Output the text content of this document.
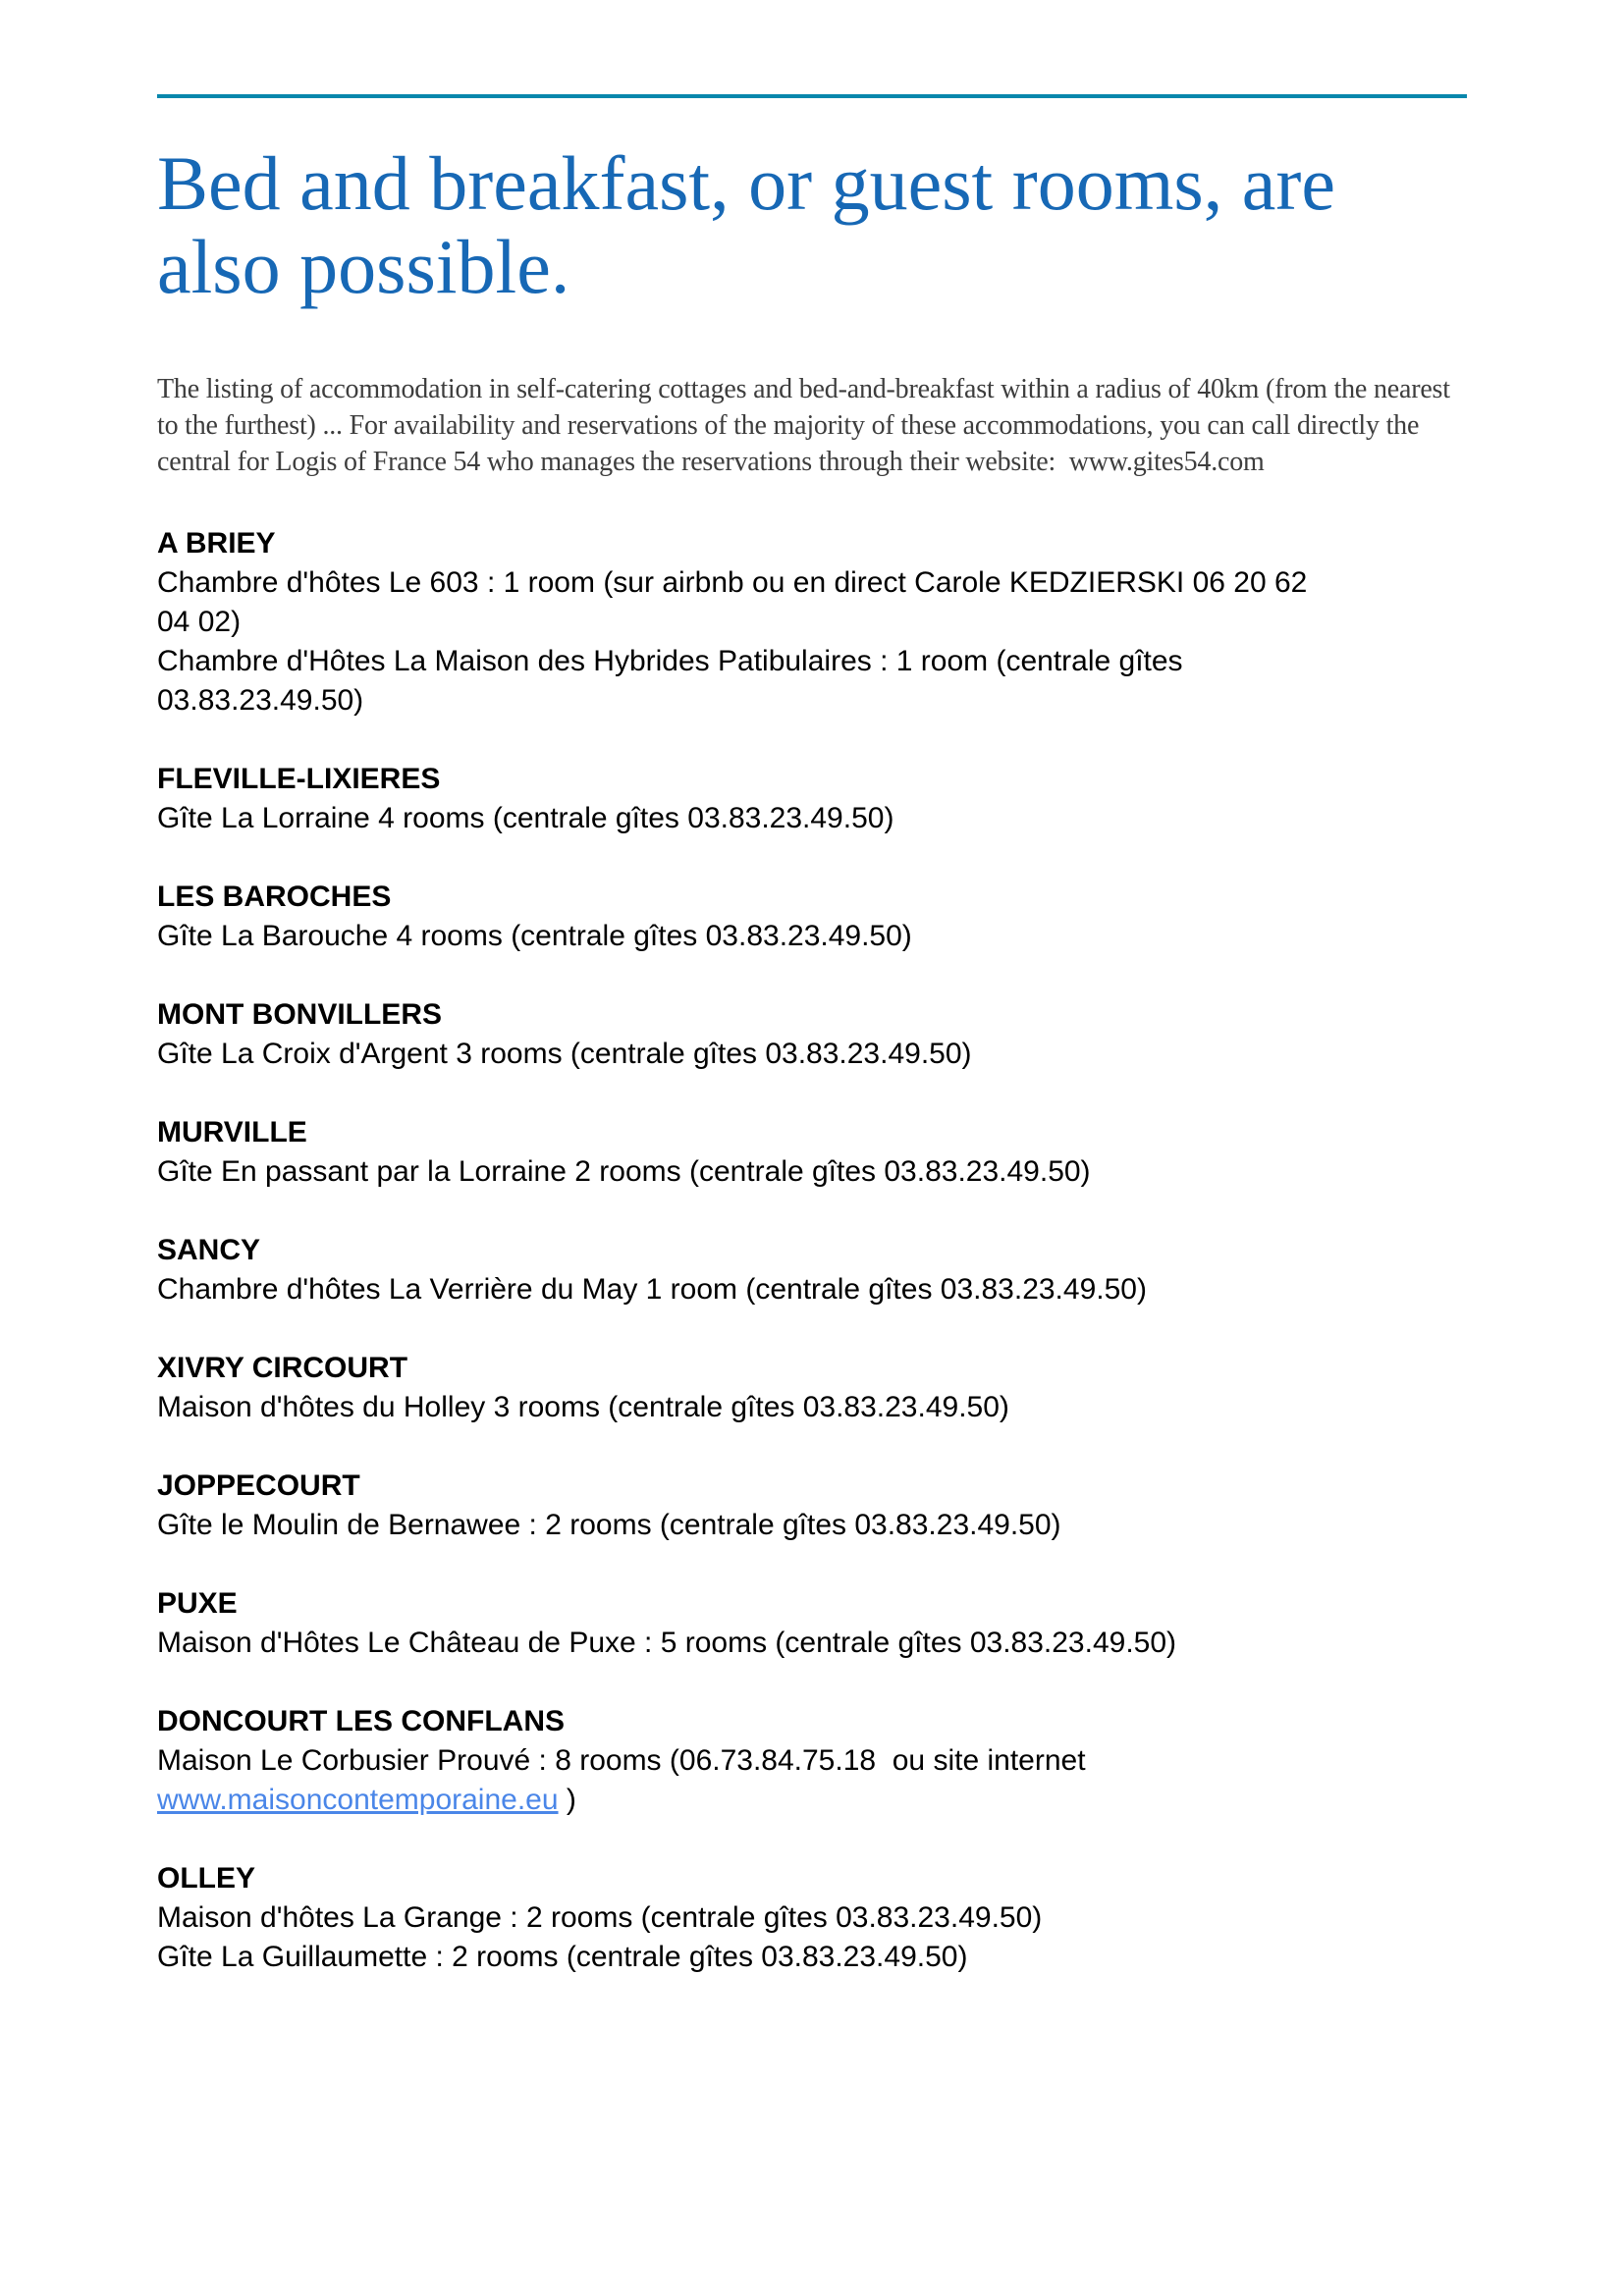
Bed and breakfast, or guest rooms, are
also possible.
The listing of accommodation in self-catering cottages and bed-and-breakfast within a radius of 40km (from the nearest
to the furthest) ... For availability and reservations of the majority of these accommodations, you can call directly the
central for Logis of France 54 who manages the reservations through their website:  www.gites54.com
A BRIEY
Chambre d'hôtes Le 603 : 1 room (sur airbnb ou en direct Carole KEDZIERSKI 06 20 62
04 02)
Chambre d'Hôtes La Maison des Hybrides Patibulaires : 1 room (centrale gîtes
03.83.23.49.50)
FLEVILLE-LIXIERES
Gîte La Lorraine 4 rooms (centrale gîtes 03.83.23.49.50)
LES BAROCHES
Gîte La Barouche 4 rooms (centrale gîtes 03.83.23.49.50)
MONT BONVILLERS
Gîte La Croix d'Argent 3 rooms (centrale gîtes 03.83.23.49.50)
MURVILLE
Gîte En passant par la Lorraine 2 rooms (centrale gîtes 03.83.23.49.50)
SANCY
Chambre d'hôtes La Verrière du May 1 room (centrale gîtes 03.83.23.49.50)
XIVRY CIRCOURT
Maison d'hôtes du Holley 3 rooms (centrale gîtes 03.83.23.49.50)
JOPPECOURT
Gîte le Moulin de Bernawee : 2 rooms (centrale gîtes 03.83.23.49.50)
PUXE
Maison d'Hôtes Le Château de Puxe : 5 rooms (centrale gîtes 03.83.23.49.50)
DONCOURT LES CONFLANS
Maison Le Corbusier Prouvé : 8 rooms (06.73.84.75.18  ou site internet
www.maisoncontemporaine.eu )
OLLEY
Maison d'hôtes La Grange : 2 rooms (centrale gîtes 03.83.23.49.50)
Gîte La Guillaumette : 2 rooms (centrale gîtes 03.83.23.49.50)
